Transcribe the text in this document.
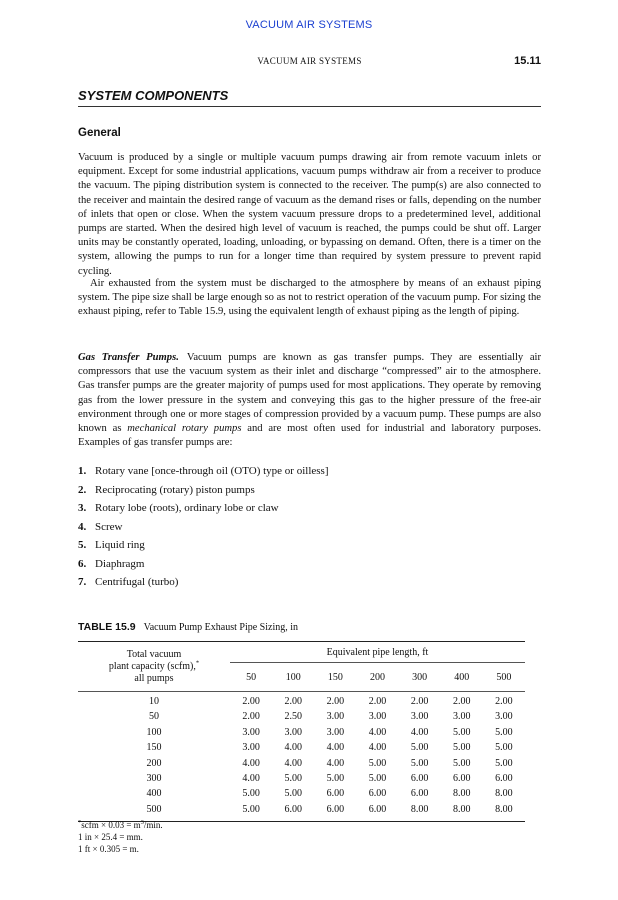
VACUUM AIR SYSTEMS
VACUUM AIR SYSTEMS	15.11
SYSTEM COMPONENTS
General

Vacuum is produced by a single or multiple vacuum pumps drawing air from remote vacuum inlets or equipment. Except for some industrial applications, vacuum pumps withdraw air from a receiver to produce the vacuum. The piping distribution system is connected to the receiver. The pump(s) are also connected to the receiver and maintain the desired range of vacuum as the demand rises or falls, depending on the number of inlets that open or close. When the system vacuum pressure drops to a predetermined level, additional pumps are started. When the desired high level of vacuum is reached, the pumps could be shut off. Larger units may be constantly operated, loading, unloading, or bypassing on demand. Often, there is a timer on the system, allowing the pumps to run for a longer time than required by system pressure to prevent rapid cycling.

Air exhausted from the system must be discharged to the atmosphere by means of an exhaust piping system. The pipe size shall be large enough so as not to restrict operation of the vacuum pump. For sizing the exhaust piping, refer to Table 15.9, using the equivalent length of exhaust piping as the length of piping.

Gas Transfer Pumps. Vacuum pumps are known as gas transfer pumps. They are essentially air compressors that use the vacuum system as their inlet and discharge “compressed” air to the atmosphere. Gas transfer pumps are the greater majority of pumps used for most applications. They operate by removing gas from the lower pressure in the system and conveying this gas to the higher pressure of the free-air environment through one or more stages of compression provided by a vacuum pump. These pumps are also known as mechanical rotary pumps and are most often used for industrial and laboratory purposes. Examples of gas transfer pumps are:

1. Rotary vane [once-through oil (OTO) type or oilless]
2. Reciprocating (rotary) piston pumps
3. Rotary lobe (roots), ordinary lobe or claw
4. Screw
5. Liquid ring
6. Diaphragm
7. Centrifugal (turbo)
TABLE 15.9 Vacuum Pump Exhaust Pipe Sizing, in
Total vacuum
plant capacity (scfm),*
all pumps	Equivalent pipe length, ft						
	50	100	150	200	300	400	500
10	2.00	2.00	2.00	2.00	2.00	2.00	2.00
50	2.00	2.50	3.00	3.00	3.00	3.00	3.00
100	3.00	3.00	3.00	4.00	4.00	5.00	5.00
150	3.00	4.00	4.00	4.00	5.00	5.00	5.00
200	4.00	4.00	4.00	5.00	5.00	5.00	5.00
300	4.00	5.00	5.00	5.00	6.00	6.00	6.00
400	5.00	5.00	6.00	6.00	6.00	8.00	8.00
500	5.00	6.00	6.00	6.00	8.00	8.00	8.00
*scfm × $0.03 = m^3/\min$.
1 in × 25.4 = mm.
1 ft × 0.305 = m.
